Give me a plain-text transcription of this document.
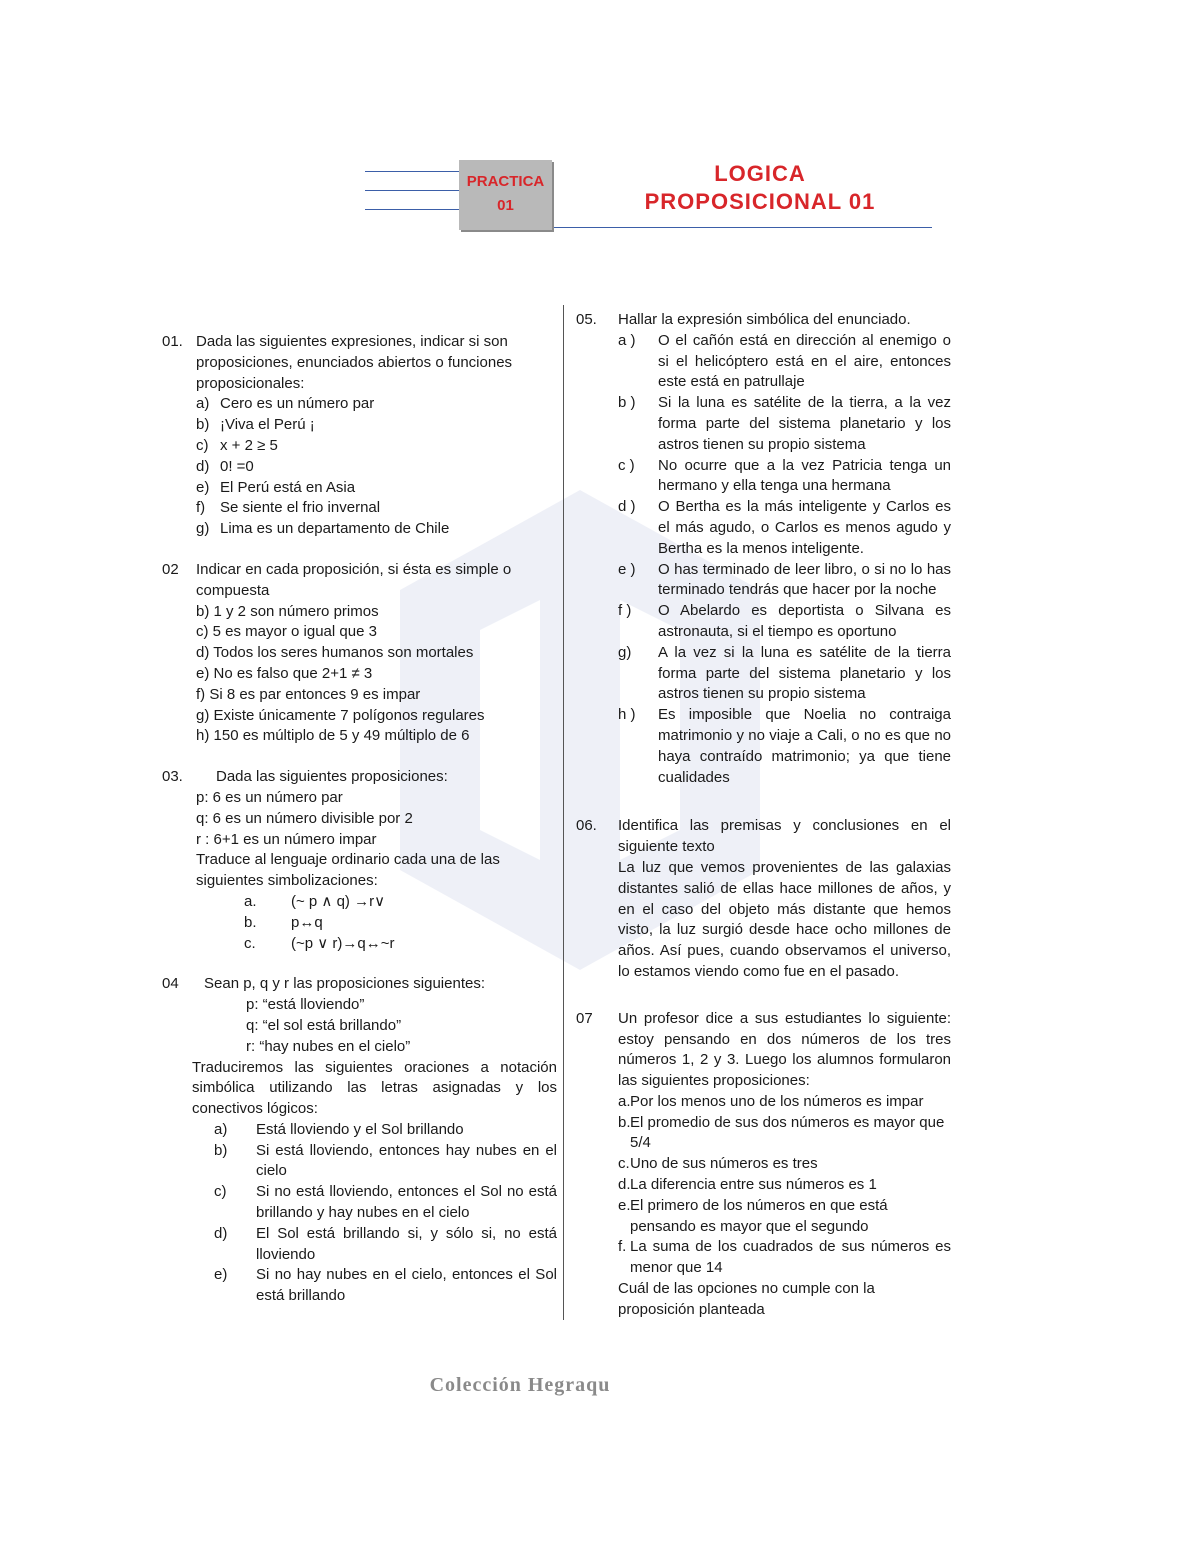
PRACTICA
01
LOGICA
PROPOSICIONAL 01
01. Dada las siguientes expresiones, indicar si son proposiciones, enunciados abiertos o funciones proposicionales:
a) Cero es un número par
b) ¡Viva el Perú ¡
c) x + 2 ≥ 5
d) 0! =0
e) El Perú está en Asia
f) Se siente el frio invernal
g) Lima es un departamento de Chile
02 Indicar en cada proposición, si ésta es simple o compuesta
b) 1 y 2 son número primos
c) 5 es mayor o igual que 3
d) Todos los seres humanos son mortales
e) No es falso que 2+1 ≠ 3
f) Si 8 es par entonces 9 es impar
g) Existe únicamente 7 polígonos regulares
h) 150 es múltiplo de 5 y 49 múltiplo de 6
03.	Dada las siguientes proposiciones:
p: 6 es un número par
q: 6 es un número divisible por 2
r : 6+1 es un número impar
Traduce al lenguaje ordinario cada una de las siguientes simbolizaciones:
a. (~ p ∧ q) →r∨
b. p↔q
c. (~p ∨ r)→q↔~r
04	Sean p, q y r las proposiciones siguientes:
p: “está lloviendo”
q: “el sol está brillando”
r: “hay nubes en el cielo”
Traduciremos las siguientes oraciones a notación simbólica utilizando las letras asignadas y los conectivos lógicos:
a)	Está lloviendo y el Sol brillando
b)	Si está lloviendo, entonces hay nubes en el cielo
c)	Si no está lloviendo, entonces el Sol no está brillando y hay nubes en el cielo
d)	El Sol está brillando si, y sólo si, no está lloviendo
e)	Si no hay nubes en el cielo, entonces el Sol está brillando
05. Hallar la expresión simbólica del enunciado.
a ) O el cañón está en dirección al enemigo o si el helicóptero está en el aire, entonces este está en patrullaje
b ) Si la luna es satélite de la tierra, a la vez forma parte del sistema planetario y los astros tienen su propio sistema
c ) No ocurre que a la vez Patricia tenga un hermano y ella tenga una hermana
d ) O Bertha es la más inteligente y Carlos es el más agudo, o Carlos es menos agudo y Bertha es la menos inteligente.
e ) O has terminado de leer libro, o si no lo has terminado tendrás que hacer por la noche
f ) O Abelardo es deportista o Silvana es astronauta, si el tiempo es oportuno
g) A la vez si la luna es satélite de la tierra forma parte del sistema planetario y los astros tienen su propio sistema
h ) Es imposible que Noelia no contraiga matrimonio y no viaje a Cali, o no es que no haya contraído matrimonio; ya que tiene cualidades
06. Identifica las premisas y conclusiones en el siguiente texto
La luz que vemos provenientes de las galaxias distantes salió de ellas hace millones de años, y en el caso del objeto más distante que hemos visto, la luz surgió desde hace ocho millones de años. Así pues, cuando observamos el universo, lo estamos viendo como fue en el pasado.
07 Un profesor dice a sus estudiantes lo siguiente: estoy pensando en dos números de los tres números 1, 2 y 3. Luego los alumnos formularon las siguientes proposiciones:
a. Por los menos uno de los números es impar
b. El promedio de sus dos números es mayor que 5/4
c. Uno de sus números es tres
d. La diferencia entre sus números es 1
e. El primero de los números en que está pensando es mayor que el segundo
f. La suma de los cuadrados de sus números es menor que 14
Cuál de las opciones no cumple con la proposición planteada
Colección Hegraqu
